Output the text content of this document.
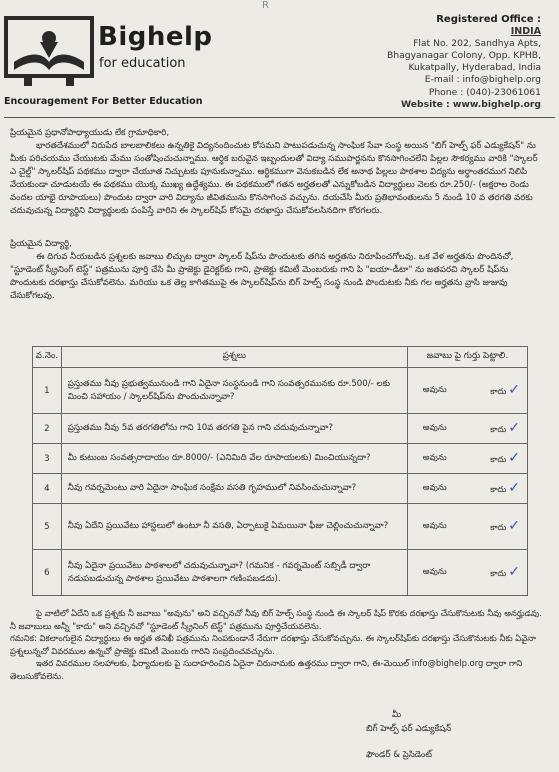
R
Bighelp
for education
Encouragement For Better Education
Registered Office :
INDIA
Flat No. 202, Sandhya Apts,
Bhagyanagar Colony, Opp. KPHB,
Kukatpally, Hyderabad, India
E-mail : info@bighelp.org
Phone : (040)-23061061
Website : www.bighelp.org
ప్రియమైన ప్రధానోపాధ్యాయుడు లేక గ్రామాధికారి,
భారతదేశములో నిరుపేద బాలబాలికలు ఉన్నతికై విద్యనందించుట కోసమని పాటుపడుచున్న సాంఘిక సేవా సంస్థ అయిన "బిగ్ హెల్ప్ ఫర్ ఎడ్యుకేషన్" ను మీకు పరిచయము చేయుటకు మేము సంతోషించుచున్నాము. ఆర్ధిక బరువైన ఇబ్బందులతో విద్యా సముపార్జనను కొనసాగించలేని పిల్లల సౌకర్యము వారికి "స్కాలర్ ఎ చైల్డ్" స్కాలర్‌షిప్ పథకము ద్వారా చేయూత నిచ్చుటకు పూనుకున్నాము. ఆర్ధికముగా వెనుకబడిన లేక అనాథ పిల్లలు పాఠశాల విద్యను అర్ధాంతరముగ నిలిపి వేయకుండా చూడుటయే ఈ పథకము యొక్క ముఖ్య ఉద్దేశ్యము. ఈ పథకములో గతన అర్హతలతో ఎన్నుకోబడిన విద్యార్థులు నెలకు రూ.250/- (అక్షరాల రెండు వందల యాభై రూపాయలు) పొందుట ద్వారా వారి విద్యాను జీవితమును కొనసాగించ వచ్చును. దయచేసి మీరు ప్రతిభావంతులను 5 నుండి 10 వ తరగతి వరకు చదువుచున్న విద్యార్థిని విద్యార్థులకు పంపిస్తే వారిని ఈ స్కాలర్‌షిప్ కోసమై దరఖాస్తు చేసుకోవలసినదిగా కోరగలరు.
ప్రియమైన విద్యార్థి,
ఈ దిగువ నీయబడిన ప్రశ్నలకు జవాబు లిచ్చుట ద్వారా స్కాలర్ షిప్‌ను పొందుటకు తగిన అర్హతను నిరూపించగోలవు. ఒక వేళ అర్హతను పొందినచో, "స్టూడెంట్ స్క్రీనింగ్ టెస్ట్" పత్రమును పూర్తి చేసి మీ ప్రాజెక్టు డైరెక్టర్‌కు గాని, ప్రాజెక్టు కమిటీ మెంబరుకు గాని పి "ఐయా-డీటా" ను జతపరచి స్కాలర్ షిప్‌ను పొందుటకు దరఖాస్తు చేసుకోవలెను. మరియు ఒక తెల్ల కాగితముపై ఈ స్కాలర్‌షిప్‌ను బిగ్ హెల్ప్ సంస్థ నుండి పొందుటకు నీకు గల అర్హతను వ్రాసి జుజువు చేసుకోగలవు.
వ.నెం.	ప్రశ్నలు	జవాబు పై గుర్తు పెట్టాలి.
1	ప్రస్తుతము నీవు ప్రభుత్వమునుండి గాని ఏదైనా సంస్థనుండి గాని సంవత్సరమునకు రూ.500/- లకు మించి సహాయం / స్కాలర్‌షిప్‌ను పొందుచున్నావా?	అవును కాదు ✓

2	ప్రస్తుతము నీవు 5వ తరగతిలోను గాని 10వ తరగతి పైన గాని చదువుచున్నావా?	అవును కాదు ✓

3	మీ కుటుంబ సంవత్సరాదాయం రూ.8000/- (ఎనిమిది వేల రూపాయలకు) మించియున్నదా?	అవును కాదు ✓

4	నీవు గవర్నమెంటు వారి ఏదైనా సాంఘిక సంక్షేమ వసతి గృహములో నివసించుచున్నావా?	అవును కాదు ✓

5	నీవు ఏదేని ప్రయివేటు హాస్టలులో ఉంటూ నీ వసతి, ఏర్పాటుకై ఏమయినా ఫీజు చెల్లించుచున్నావా?	అవును కాదు ✓

6	నీవు ఏదైనా ప్రయివేటు పాఠశాలలో చదువుచున్నావా? (గమనిక - గవర్నమెంట్ సబ్సిడీ ద్వారా నడుపబడుచున్న పాఠశాల ప్రయివేటు పాఠశాలగా గణింపబడదు).	అవును కాదు ✓
పై వాటిలో ఏదేని ఒక ప్రశ్నకు నీ జవాబు "అవును" అని వచ్చినచో నీవు బిగ్ హెల్ప్ సంస్థ నుండి ఈ స్కాలర్ షిప్ కొరకు దరఖాస్తు చేసుకొనుటకు నీవు అనర్హుడవు. నీ జవాబులు అన్నీ "కాదు" అని వచ్చినచో "స్టూడెంట్ స్క్రీనింగ్ టెస్ట్" పత్రమును పూర్తిచేయవలెను.
గమనిక: వికలాంగులైన విద్యార్థులు ఈ అర్హత తనిఖీ పత్రమును నింపకుండానే నేరుగా దరఖాస్తు చేసుకోవచ్చును. ఈ స్కాలర్‌షిప్‌కు దరఖాస్తు చేసుకొనుటకు నీకు ఏవైనా ప్రశ్నలున్నచో వివరముల ఉన్నచో ప్రాజెక్టు కమిటీ మెంబరు గారిని సంప్రదించవచ్చును.
ఇతర వివరముల సలహాలకు, ఫిర్యాదులకు పై సుదాహరించిన ఏదైనా చిరునామకు ఉత్తరము ద్వారా గాని, ఈ-మెయిల్ info@bighelp.org ద్వారా గాని తెలుసుకోవలెను.
మీ
బిగ్ హెల్ప్ ఫర్ ఎడ్యుకేషన్
ఫౌండర్ & ప్రెసిడెంట్
